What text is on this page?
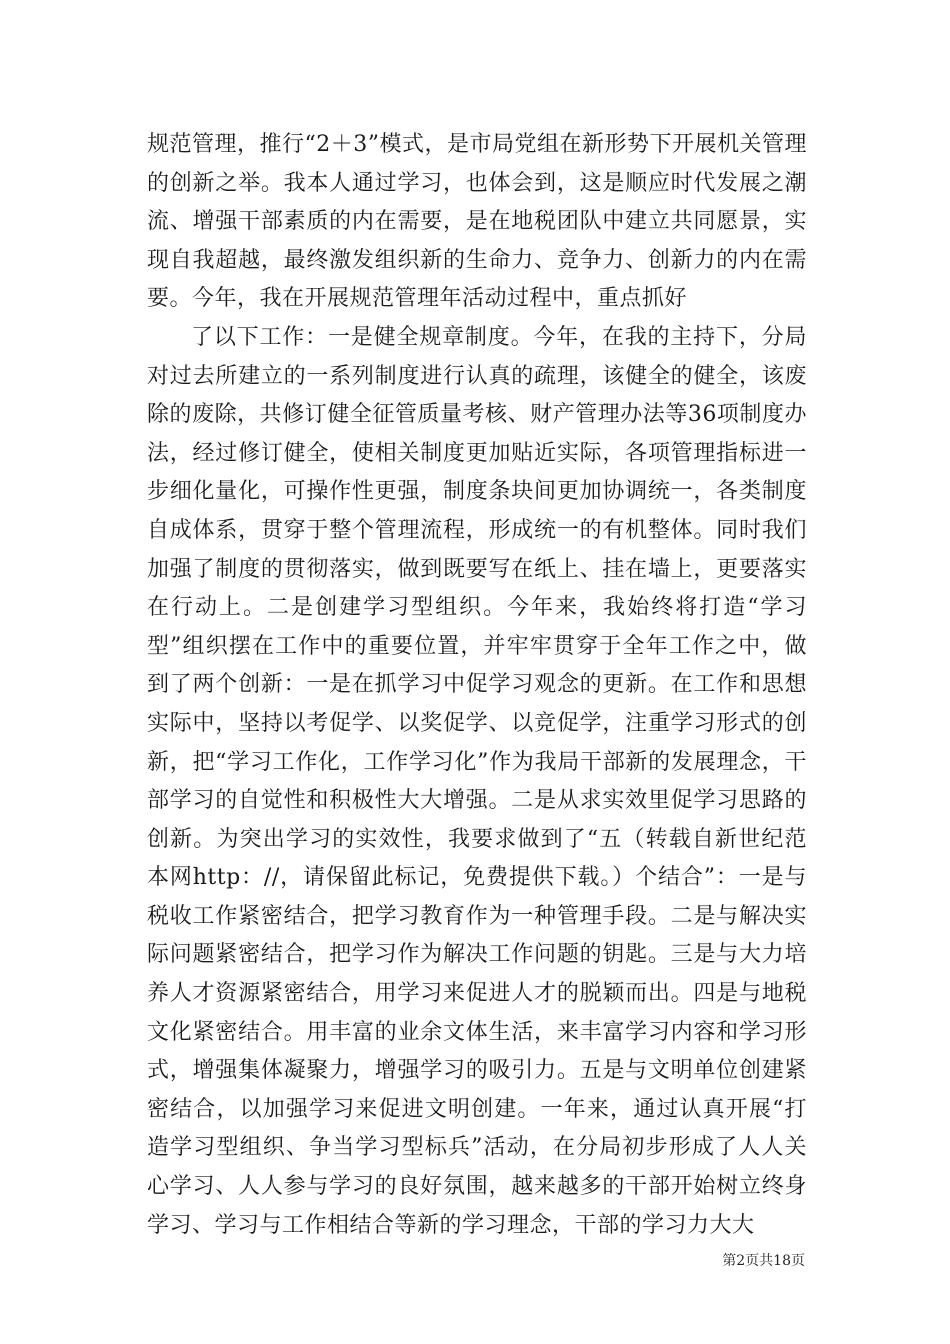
规范管理，推行“2＋3”模式，是市局党组在新形势下开展机关管理的创新之举。我本人通过学习，也体会到，这是顺应时代发展之潮流、增强干部素质的内在需要，是在地税团队中建立共同愿景，实现自我超越，最终激发组织新的生命力、竞争力、创新力的内在需要。今年，我在开展规范管理年活动过程中，重点抓好

了以下工作：一是健全规章制度。今年，在我的主持下，分局对过去所建立的一系列制度进行认真的疏理，该健全的健全，该废除的废除，共修订健全征管质量考核、财产管理办法等36项制度办法，经过修订健全，使相关制度更加贴近实际，各项管理指标进一步细化量化，可操作性更强，制度条块间更加协调统一，各类制度自成体系，贯穿于整个管理流程，形成统一的有机整体。同时我们加强了制度的贯彻落实，做到既要写在纸上、挂在墙上，更要落实在行动上。二是创建学习型组织。今年来，我始终将打造“学习型”组织摆在工作中的重要位置，并牢牢贯穿于全年工作之中，做到了两个创新：一是在抓学习中促学习观念的更新。在工作和思想实际中，坚持以考促学、以奖促学、以竞促学，注重学习形式的创新，把“学习工作化，工作学习化”作为我局干部新的发展理念，干部学习的自觉性和积极性大大增强。二是从求实效里促学习思路的创新。为突出学习的实效性，我要求做到了“五（转载自新世纪范本网http：//，请保留此标记，免费提供下载。）个结合”：一是与税收工作紧密结合，把学习教育作为一种管理手段。二是与解决实际问题紧密结合，把学习作为解决工作问题的钥匙。三是与大力培养人才资源紧密结合，用学习来促进人才的脱颖而出。四是与地税文化紧密结合。用丰富的业余文体生活，来丰富学习内容和学习形式，增强集体凝聚力，增强学习的吸引力。五是与文明单位创建紧密结合，以加强学习来促进文明创建。一年来，通过认真开展“打造学习型组织、争当学习型标兵”活动，在分局初步形成了人人关心学习、人人参与学习的良好氛围，越来越多的干部开始树立终身学习、学习与工作相结合等新的学习理念，干部的学习力大大

第2页共18页
